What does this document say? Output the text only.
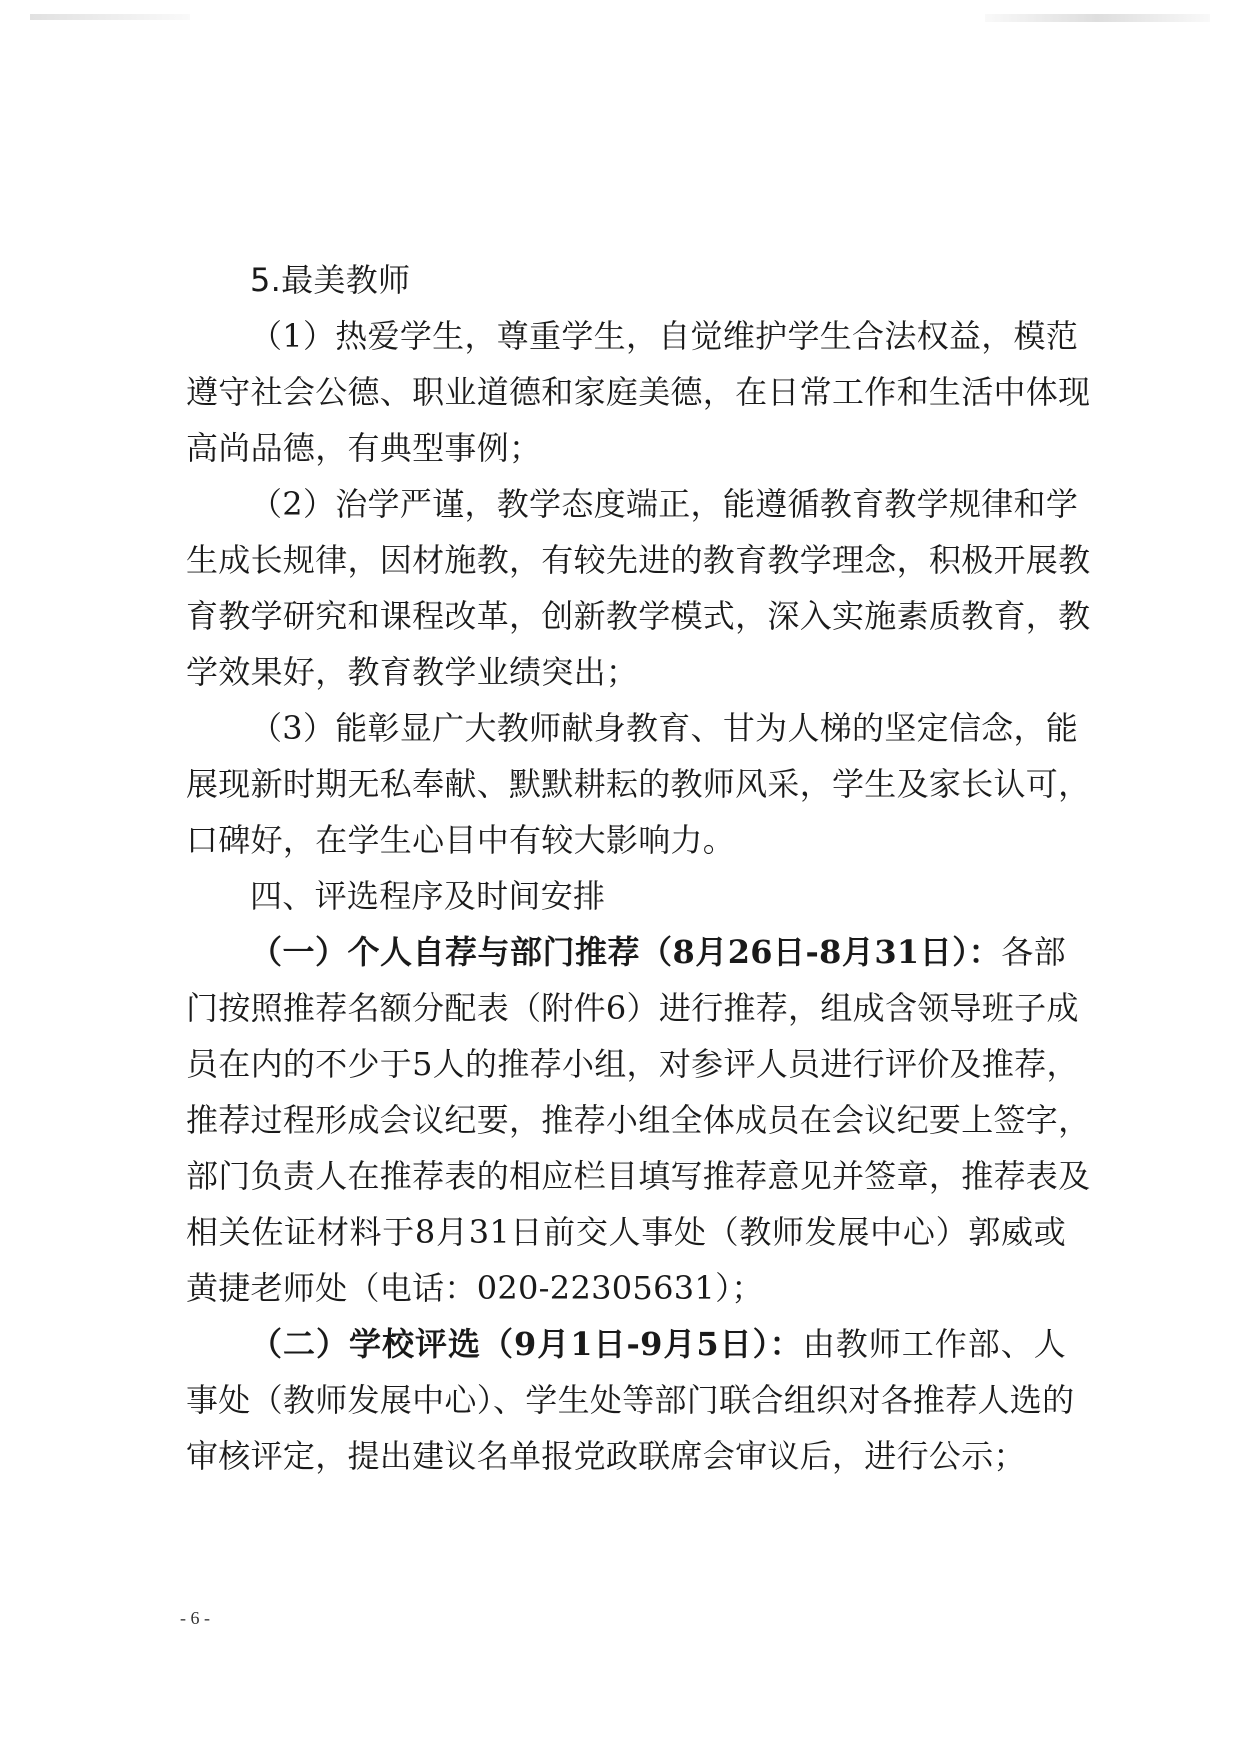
5.最美教师
（1）热爱学生，尊重学生，自觉维护学生合法权益，模范
遵守社会公德、职业道德和家庭美德，在日常工作和生活中体现
高尚品德，有典型事例；
（2）治学严谨，教学态度端正，能遵循教育教学规律和学
生成长规律，因材施教，有较先进的教育教学理念，积极开展教
育教学研究和课程改革，创新教学模式，深入实施素质教育，教
学效果好，教育教学业绩突出；
（3）能彰显广大教师献身教育、甘为人梯的坚定信念，能
展现新时期无私奉献、默默耕耘的教师风采，学生及家长认可，
口碑好，在学生心目中有较大影响力。
四、评选程序及时间安排
（一）个人自荐与部门推荐（8月26日-8月31日）：各部
门按照推荐名额分配表（附件6）进行推荐，组成含领导班子成
员在内的不少于5人的推荐小组，对参评人员进行评价及推荐，
推荐过程形成会议纪要，推荐小组全体成员在会议纪要上签字，
部门负责人在推荐表的相应栏目填写推荐意见并签章，推荐表及
相关佐证材料于8月31日前交人事处（教师发展中心）郭威或
黄捷老师处（电话：020-22305631）；
（二）学校评选（9月1日-9月5日）：由教师工作部、人
事处（教师发展中心）、学生处等部门联合组织对各推荐人选的
审核评定，提出建议名单报党政联席会审议后，进行公示；
- 6 -
